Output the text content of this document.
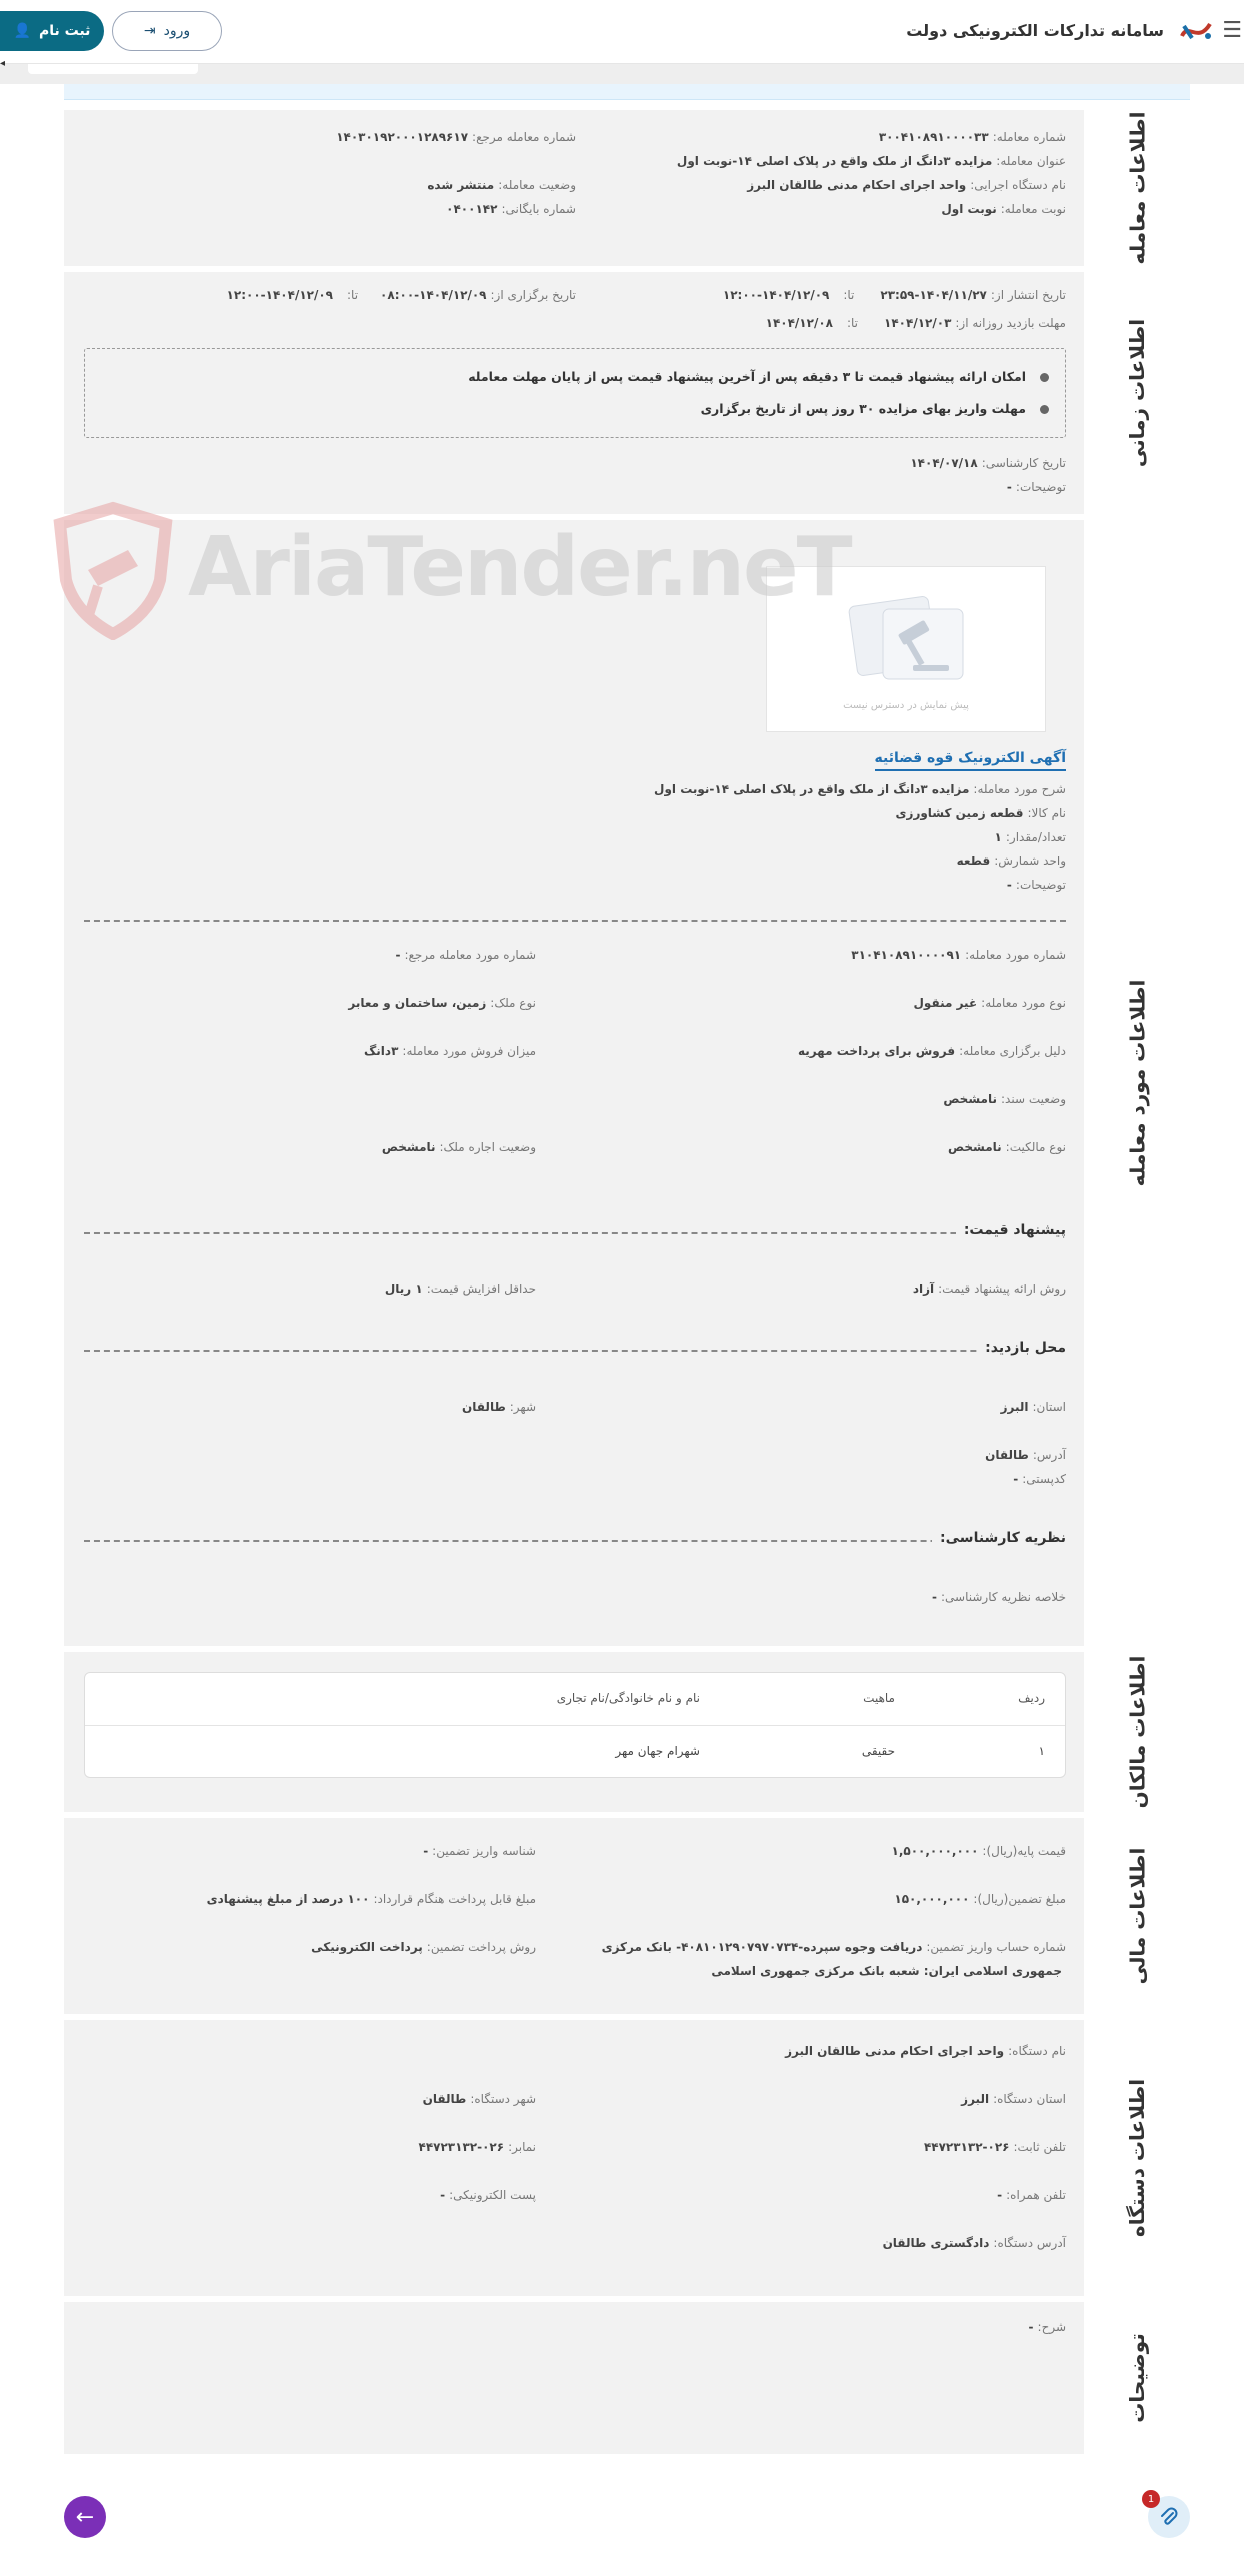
☰
سامانه تدارکات الکترونیکی دولت
ورود
⇥
ثبت نام
👤
◂
اطلاعات معامله
شماره معامله:۳۰۰۴۱۰۸۹۱۰۰۰۰۳۳
شماره معامله مرجع:۱۴۰۳۰۱۹۲۰۰۰۱۲۸۹۶۱۷
عنوان معامله:مزایده ۳دانگ از ملک واقع در پلاک اصلی ۱۴-نوبت اول
نام دستگاه اجرایی:واحد اجرای احکام مدنی طالقان البرز
وضعیت معامله:منتشر شده
نوبت معامله:نوبت اول
شماره بایگانی:۰۴۰۰۱۴۲
اطلاعات زمانی
تاریخ انتشار از:۱۴۰۴/۱۱/۲۷-۲۳:۵۹تا:۱۴۰۴/۱۲/۰۹-۱۲:۰۰
تاریخ برگزاری از:۱۴۰۴/۱۲/۰۹-۰۸:۰۰تا:۱۴۰۴/۱۲/۰۹-۱۲:۰۰
مهلت بازدید روزانه از:۱۴۰۴/۱۲/۰۳تا:۱۴۰۴/۱۲/۰۸
امکان ارائه پیشنهاد قیمت تا ۳ دقیقه پس از آخرین پیشنهاد قیمت پس از پایان مهلت معامله
مهلت واریز بهای مزایده ۳۰ روز پس از تاریخ برگزاری
تاریخ کارشناسی:۱۴۰۴/۰۷/۱۸
توضیحات:-
اطلاعات مورد معامله
پیش نمایش در دسترس نیست
آگهی الکترونیک قوه قضائیه
شرح مورد معامله:مزایده ۳دانگ از ملک واقع در پلاک اصلی ۱۴-نوبت اول
نام کالا:قطعه زمین کشاورزی
تعداد/مقدار:۱
واحد شمارش:قطعه
توضیحات:-
شماره مورد معامله:۳۱۰۴۱۰۸۹۱۰۰۰۰۹۱
شماره مورد معامله مرجع:-
نوع مورد معامله:غیر منقول
نوع ملک:زمین، ساختمان و معابر
دلیل برگزاری معامله:فروش برای پرداخت مهریه
میزان فروش مورد معامله:۳دانگ
وضعیت سند:نامشخص
نوع مالکیت:نامشخص
وضعیت اجاره ملک:نامشخص
پیشنهاد قیمت:
روش ارائه پیشنهاد قیمت:آزاد
حداقل افزایش قیمت:۱ ریال
محل بازدید:
استان:البرز
شهر:طالقان
آدرس:طالقان
کدپستی:-
نظریه کارشناسی:
خلاصه نظریه کارشناسی:-
AriaTender.neT
اطلاعات مالکان
ردیف
ماهیت
نام و نام خانوادگی/نام تجاری
۱
حقیقی
شهرام جهان مهر
اطلاعات مالی
قیمت پایه(ریال):۱,۵۰۰,۰۰۰,۰۰۰
شناسه واریز تضمین:-
مبلغ تضمین(ریال):۱۵۰,۰۰۰,۰۰۰
مبلغ قابل پرداخت هنگام قرارداد:۱۰۰ درصد از مبلغ پیشنهادی
شماره حساب واریز تضمین:دریافت وجوه سپرده-۴۰۸۱۰۱۲۹۰۷۹۷۰۷۳۴- بانک مرکزی
جمهوری اسلامی ایران: شعبه بانک مرکزی جمهوری اسلامی
روش پرداخت تضمین:پرداخت الکترونیکی
اطلاعات دستگاه
نام دستگاه:واحد اجرای احکام مدنی طالقان البرز
استان دستگاه:البرز
شهر دستگاه:طالقان
تلفن ثابت:۰۲۶-۴۴۷۲۳۱۳۲
نمابر:۰۲۶-۴۴۷۲۳۱۳۲
تلفن همراه:-
پست الکترونیکی:-
آدرس دستگاه:دادگستری طالقان
توضیحات
شرح:-
←
1
